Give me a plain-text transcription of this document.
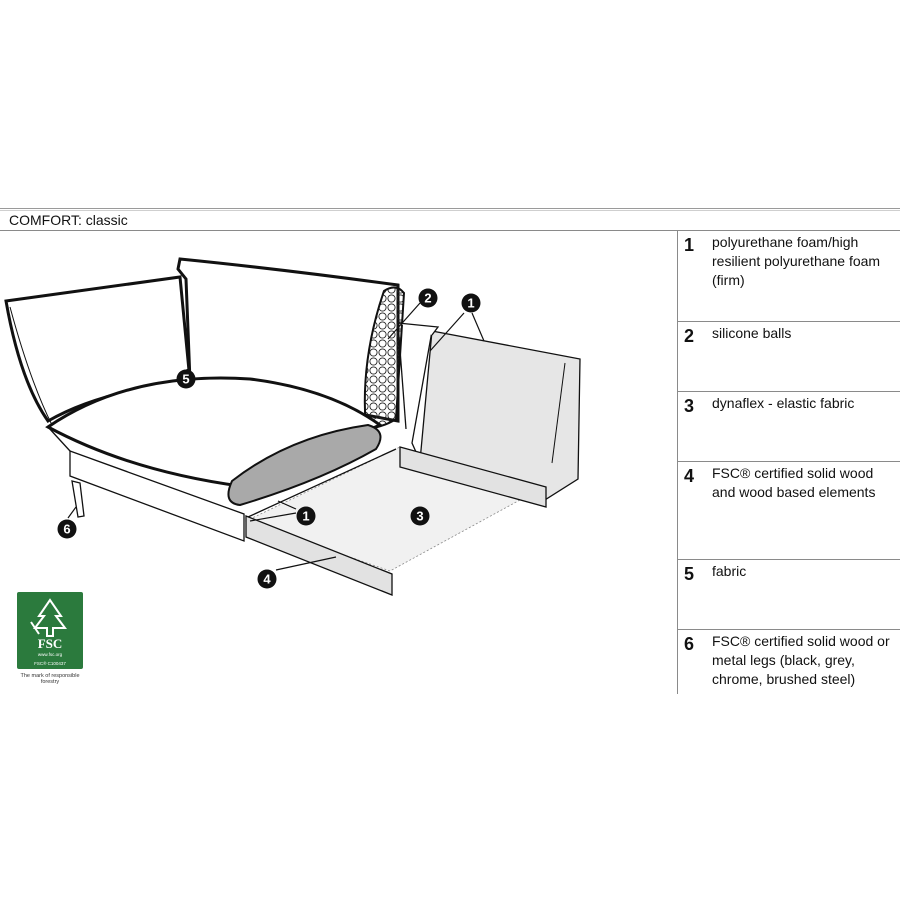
COMFORT: classic
1
1
2
3
4
5
6
1 polyurethane foam/high resilient polyurethane foam (firm)
2 silicone balls
3 dynaflex - elastic fabric
4 FSC® certified solid wood and wood based elements
5 fabric
6 FSC® certified solid wood or metal legs (black, grey, chrome, brushed steel)
FSC
www.fsc.org
FSC® C100437
The mark of responsible forestry
